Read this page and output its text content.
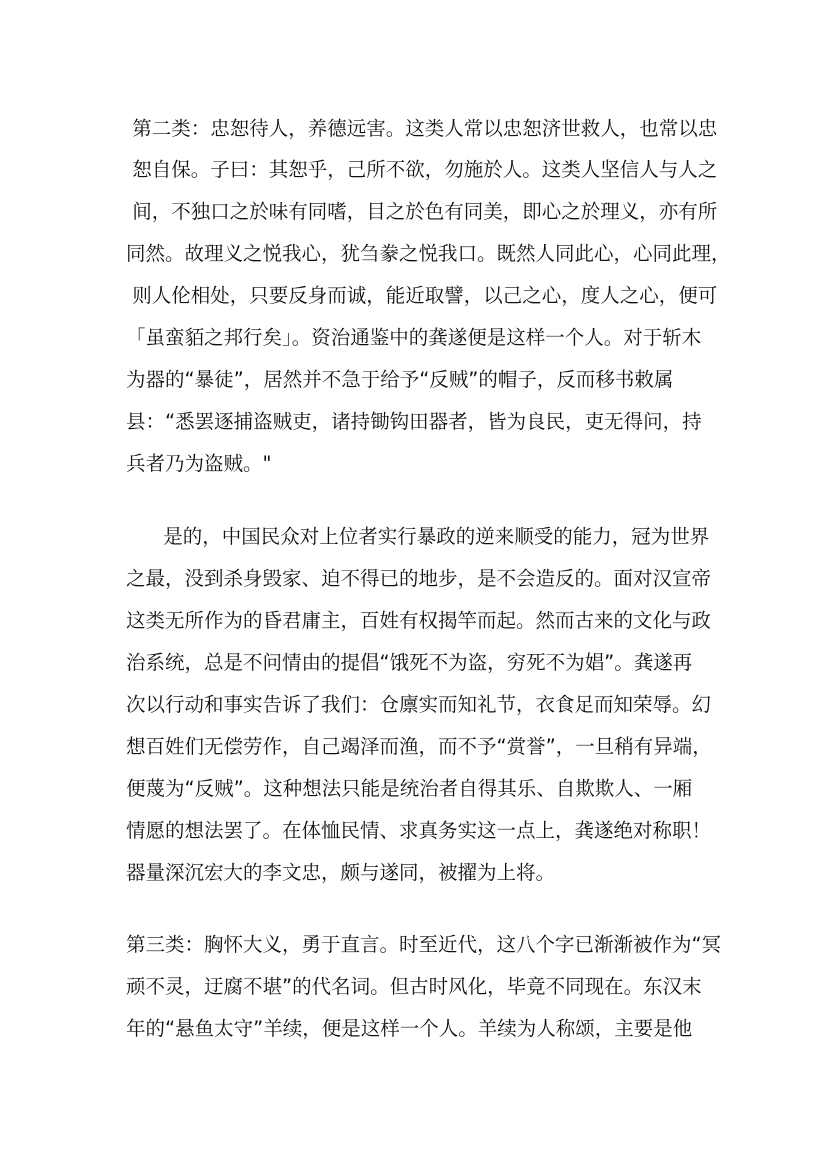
第二类：忠恕待人，养德远害。这类人常以忠恕济世救人，也常以忠
恕自保。子曰：其恕乎，己所不欲，勿施於人。这类人坚信人与人之
间，不独口之於味有同嗜，目之於色有同美，即心之於理义，亦有所
同然。故理义之悦我心，犹刍豢之悦我口。既然人同此心，心同此理，
则人伦相处，只要反身而诚，能近取譬，以己之心，度人之心，便可
「虽蛮貊之邦行矣」。资治通鉴中的龚遂便是这样一个人。对于斩木
为器的“暴徒”，居然并不急于给予“反贼”的帽子，反而移书敕属
县：“悉罢逐捕盗贼吏，诸持锄钩田器者，皆为良民，吏无得问，持
兵者乃为盗贼。"
是的，中国民众对上位者实行暴政的逆来顺受的能力，冠为世界
之最，没到杀身毁家、迫不得已的地步，是不会造反的。面对汉宣帝
这类无所作为的昏君庸主，百姓有权揭竿而起。然而古来的文化与政
治系统，总是不问情由的提倡“饿死不为盗，穷死不为娼”。龚遂再
次以行动和事实告诉了我们：仓廪实而知礼节，衣食足而知荣辱。幻
想百姓们无偿劳作，自己竭泽而渔，而不予“赏誉”，一旦稍有异端，
便蔑为“反贼”。这种想法只能是统治者自得其乐、自欺欺人、一厢
情愿的想法罢了。在体恤民情、求真务实这一点上，龚遂绝对称职！
器量深沉宏大的李文忠，颇与遂同，被擢为上将。
第三类：胸怀大义，勇于直言。时至近代，这八个字已渐渐被作为“冥
顽不灵，迂腐不堪”的代名词。但古时风化，毕竟不同现在。东汉末
年的“悬鱼太守”羊续，便是这样一个人。羊续为人称颂，主要是他
